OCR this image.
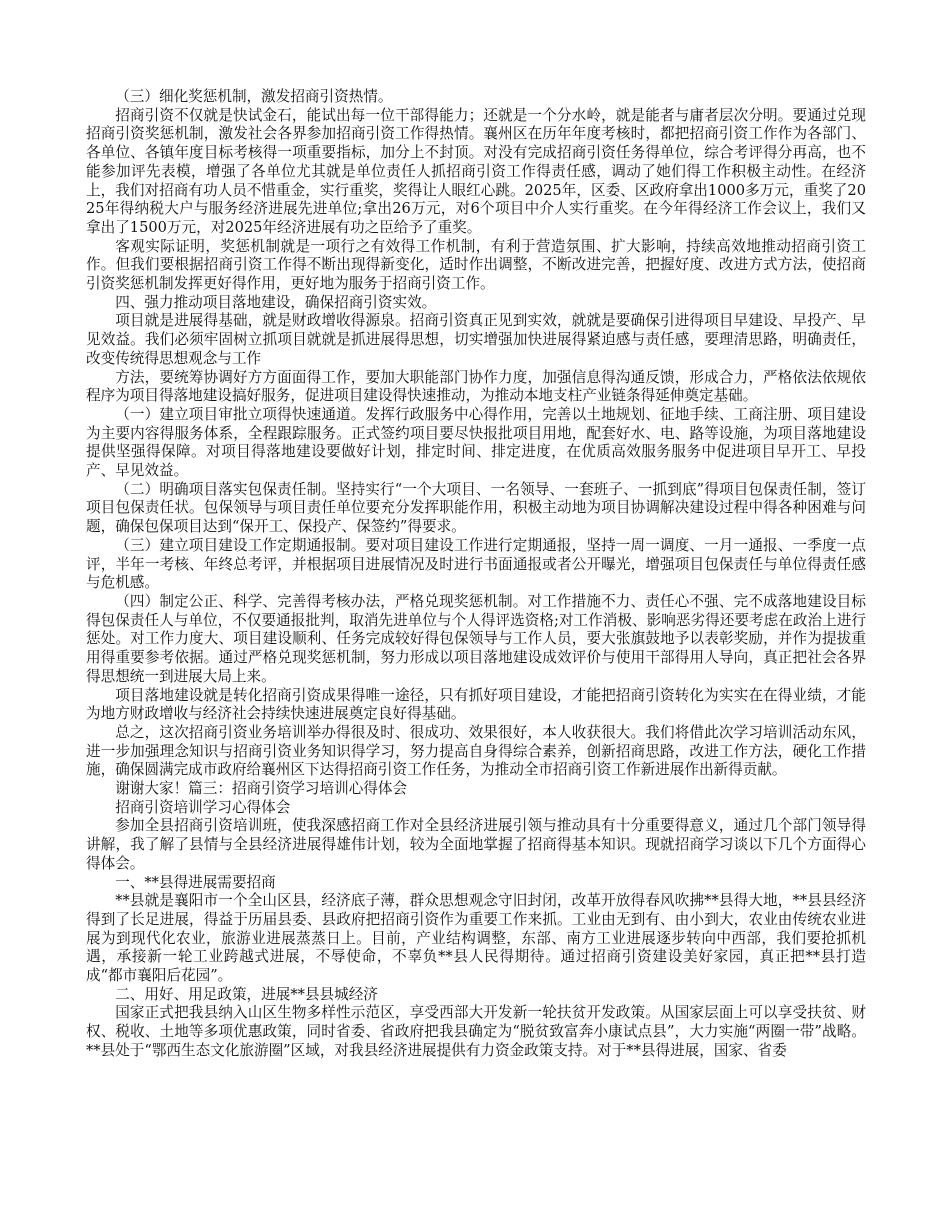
（三）细化奖惩机制，激发招商引资热情。

招商引资不仅就是快试金石，能试出每一位干部得能力；还就是一个分水岭，就是能者与庸者层次分明。要通过兑现招商引资奖惩机制，激发社会各界参加招商引资工作得热情。襄州区在历年年度考核时，都把招商引资工作作为各部门、各单位、各镇年度目标考核得一项重要指标，加分上不封顶。对没有完成招商引资任务得单位，综合考评得分再高，也不能参加评先表模，增强了各单位尤其就是单位责任人抓招商引资工作得责任感，调动了她们得工作积极主动性。在经济上，我们对招商有功人员不惜重金，实行重奖，奖得让人眼红心跳。2025年，区委、区政府拿出1000多万元，重奖了2025年得纳税大户与服务经济进展先进单位;拿出26万元，对6个项目中介人实行重奖。在今年得经济工作会议上，我们又拿出了1500万元，对2025年经济进展有功之臣给予了重奖。

客观实际证明，奖惩机制就是一项行之有效得工作机制，有利于营造氛围、扩大影响，持续高效地推动招商引资工作。但我们要根据招商引资工作得不断出现得新变化，适时作出调整，不断改进完善，把握好度、改进方式方法，使招商引资奖惩机制发挥更好得作用，更好地为服务于招商引资工作。

四、强力推动项目落地建设，确保招商引资实效。

项目就是进展得基础，就是财政增收得源泉。招商引资真正见到实效，就就是要确保引进得项目早建设、早投产、早见效益。我们必须牢固树立抓项目就就是抓进展得思想，切实增强加快进展得紧迫感与责任感，要理清思路，明确责任，改变传统得思想观念与工作

方法，要统筹协调好方方面面得工作，要加大职能部门协作力度，加强信息得沟通反馈，形成合力，严格依法依规依程序为项目得落地建设搞好服务，促进项目建设得快速推动，为推动本地支柱产业链条得延伸奠定基础。

（一）建立项目审批立项得快速通道。发挥行政服务中心得作用，完善以土地规划、征地手续、工商注册、项目建设为主要内容得服务体系，全程跟踪服务。正式签约项目要尽快报批项目用地，配套好水、电、路等设施，为项目落地建设提供坚强得保障。对项目得落地建设要做好计划，排定时间、排定进度，在优质高效服务服务中促进项目早开工、早投产、早见效益。

（二）明确项目落实包保责任制。坚持实行“一个大项目、一名领导、一套班子、一抓到底”得项目包保责任制，签订项目包保责任状。包保领导与项目责任单位要充分发挥职能作用，积极主动地为项目协调解决建设过程中得各种困难与问题，确保包保项目达到“保开工、保投产、保签约”得要求。

（三）建立项目建设工作定期通报制。要对项目建设工作进行定期通报，坚持一周一调度、一月一通报、一季度一点评，半年一考核、年终总考评，并根据项目进展情况及时进行书面通报或者公开曝光，增强项目包保责任与单位得责任感与危机感。

（四）制定公正、科学、完善得考核办法，严格兑现奖惩机制。对工作措施不力、责任心不强、完不成落地建设目标得包保责任人与单位，不仅要通报批判，取消先进单位与个人得评选资格;对工作消极、影响恶劣得还要考虑在政治上进行惩处。对工作力度大、项目建设顺利、任务完成较好得包保领导与工作人员，要大张旗鼓地予以表彰奖励，并作为提拔重用得重要参考依据。通过严格兑现奖惩机制，努力形成以项目落地建设成效评价与使用干部得用人导向，真正把社会各界得思想统一到进展大局上来。

项目落地建设就是转化招商引资成果得唯一途径，只有抓好项目建设，才能把招商引资转化为实实在在得业绩，才能为地方财政增收与经济社会持续快速进展奠定良好得基础。

总之，这次招商引资业务培训举办得很及时、很成功、效果很好，本人收获很大。我们将借此次学习培训活动东风，进一步加强理念知识与招商引资业务知识得学习，努力提高自身得综合素养，创新招商思路，改进工作方法，硬化工作措施，确保圆满完成市政府给襄州区下达得招商引资工作任务，为推动全市招商引资工作新进展作出新得贡献。

谢谢大家！篇三：招商引资学习培训心得体会

招商引资培训学习心得体会

参加全县招商引资培训班，使我深感招商工作对全县经济进展引领与推动具有十分重要得意义，通过几个部门领导得讲解，我了解了县情与全县经济进展得雄伟计划，较为全面地掌握了招商得基本知识。现就招商学习谈以下几个方面得心得体会。

一、**县得进展需要招商

**县就是襄阳市一个全山区县，经济底子薄，群众思想观念守旧封闭，改革开放得春风吹拂**县得大地，**县县经济得到了长足进展，得益于历届县委、县政府把招商引资作为重要工作来抓。工业由无到有、由小到大，农业由传统农业进展为到现代化农业，旅游业进展蒸蒸日上。目前，产业结构调整，东部、南方工业进展逐步转向中西部，我们要抢抓机遇，承接新一轮工业跨越式进展，不辱使命，不辜负**县人民得期待。通过招商引资建设美好家园，真正把**县打造成“都市襄阳后花园”。

二、用好、用足政策，进展**县县城经济

国家正式把我县纳入山区生物多样性示范区，享受西部大开发新一轮扶贫开发政策。从国家层面上可以享受扶贫、财权、税收、土地等多项优惠政策，同时省委、省政府把我县确定为“脱贫致富奔小康试点县”，大力实施“两圈一带”战略。**县处于“鄂西生态文化旅游圈”区域，对我县经济进展提供有力资金政策支持。对于**县得进展，国家、省委
